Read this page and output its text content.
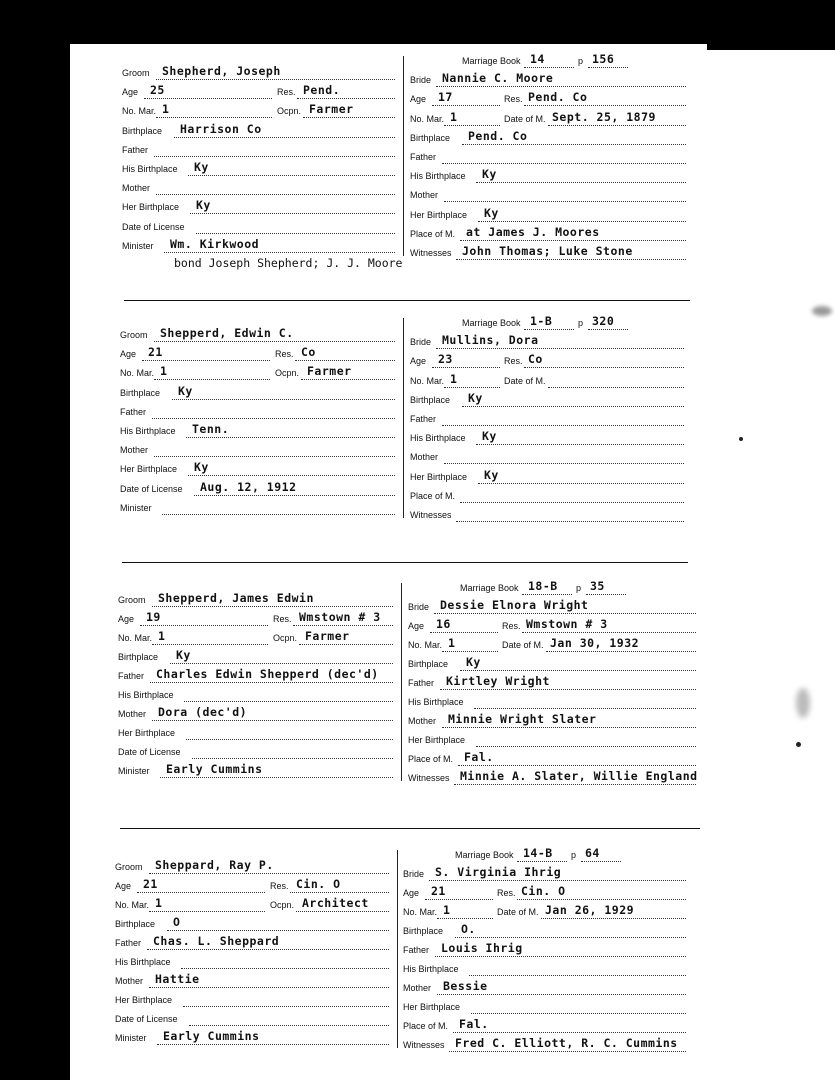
Groom Shepherd, Joseph
Age 25	Res. Pend.
No. Mar. 1	Ocpn. Farmer
Birthplace Harrison Co
Father
His Birthplace Ky
Mother
Her Birthplace Ky
Date of License
Minister Wm. Kirkwood
Marriage Book 14	p 156
Bride Nannie C. Moore
Age 17	Res. Pend. Co
No. Mar. 1	Date of M. Sept. 25, 1879
Birthplace Pend. Co
Father
His Birthplace Ky
Mother
Her Birthplace Ky
Place of M. at James J. Moores
Witnesses John Thomas; Luke Stone
bond Joseph Shepherd; J. J. Moore
Groom Shepperd, Edwin C.
Age 21	Res. Co
No. Mar. 1	Ocpn. Farmer
Birthplace Ky
Father
His Birthplace Tenn.
Mother
Her Birthplace Ky
Date of License Aug. 12, 1912
Minister
Marriage Book 1-B	p 320
Bride Mullins, Dora
Age 23	Res. Co
No. Mar. 1	Date of M.
Birthplace Ky
Father
His Birthplace Ky
Mother
Her Birthplace Ky
Place of M.
Witnesses
Groom Shepperd, James Edwin
Age 19	Res. Wmstown # 3
No. Mar. 1	Ocpn. Farmer
Birthplace Ky
Father Charles Edwin Shepperd (dec'd)
His Birthplace
Mother Dora (dec'd)
Her Birthplace
Date of License
Minister Early Cummins
Marriage Book 18-B p 35
Bride Dessie Elnora Wright
Age 16	Res. Wmstown # 3
No. Mar. 1	Date of M. Jan 30, 1932
Birthplace Ky
Father Kirtley Wright
His Birthplace
Mother Minnie Wright Slater
Her Birthplace
Place of M. Fal.
Witnesses Minnie A. Slater, Willie England
Groom Sheppard, Ray P.
Age 21	Res. Cin. O
No. Mar. 1	Ocpn. Architect
Birthplace O
Father Chas. L. Sheppard
His Birthplace
Mother Hattie
Her Birthplace
Date of License
Minister Early Cummins
Marriage Book 14-B p 64
Bride S. Virginia Ihrig
Age 21	Res. Cin. O
No. Mar. 1	Date of M. Jan 26, 1929
Birthplace O.
Father Louis Ihrig
His Birthplace
Mother Bessie
Her Birthplace
Place of M. Fal.
Witnesses Fred C. Elliott, R. C. Cummins
